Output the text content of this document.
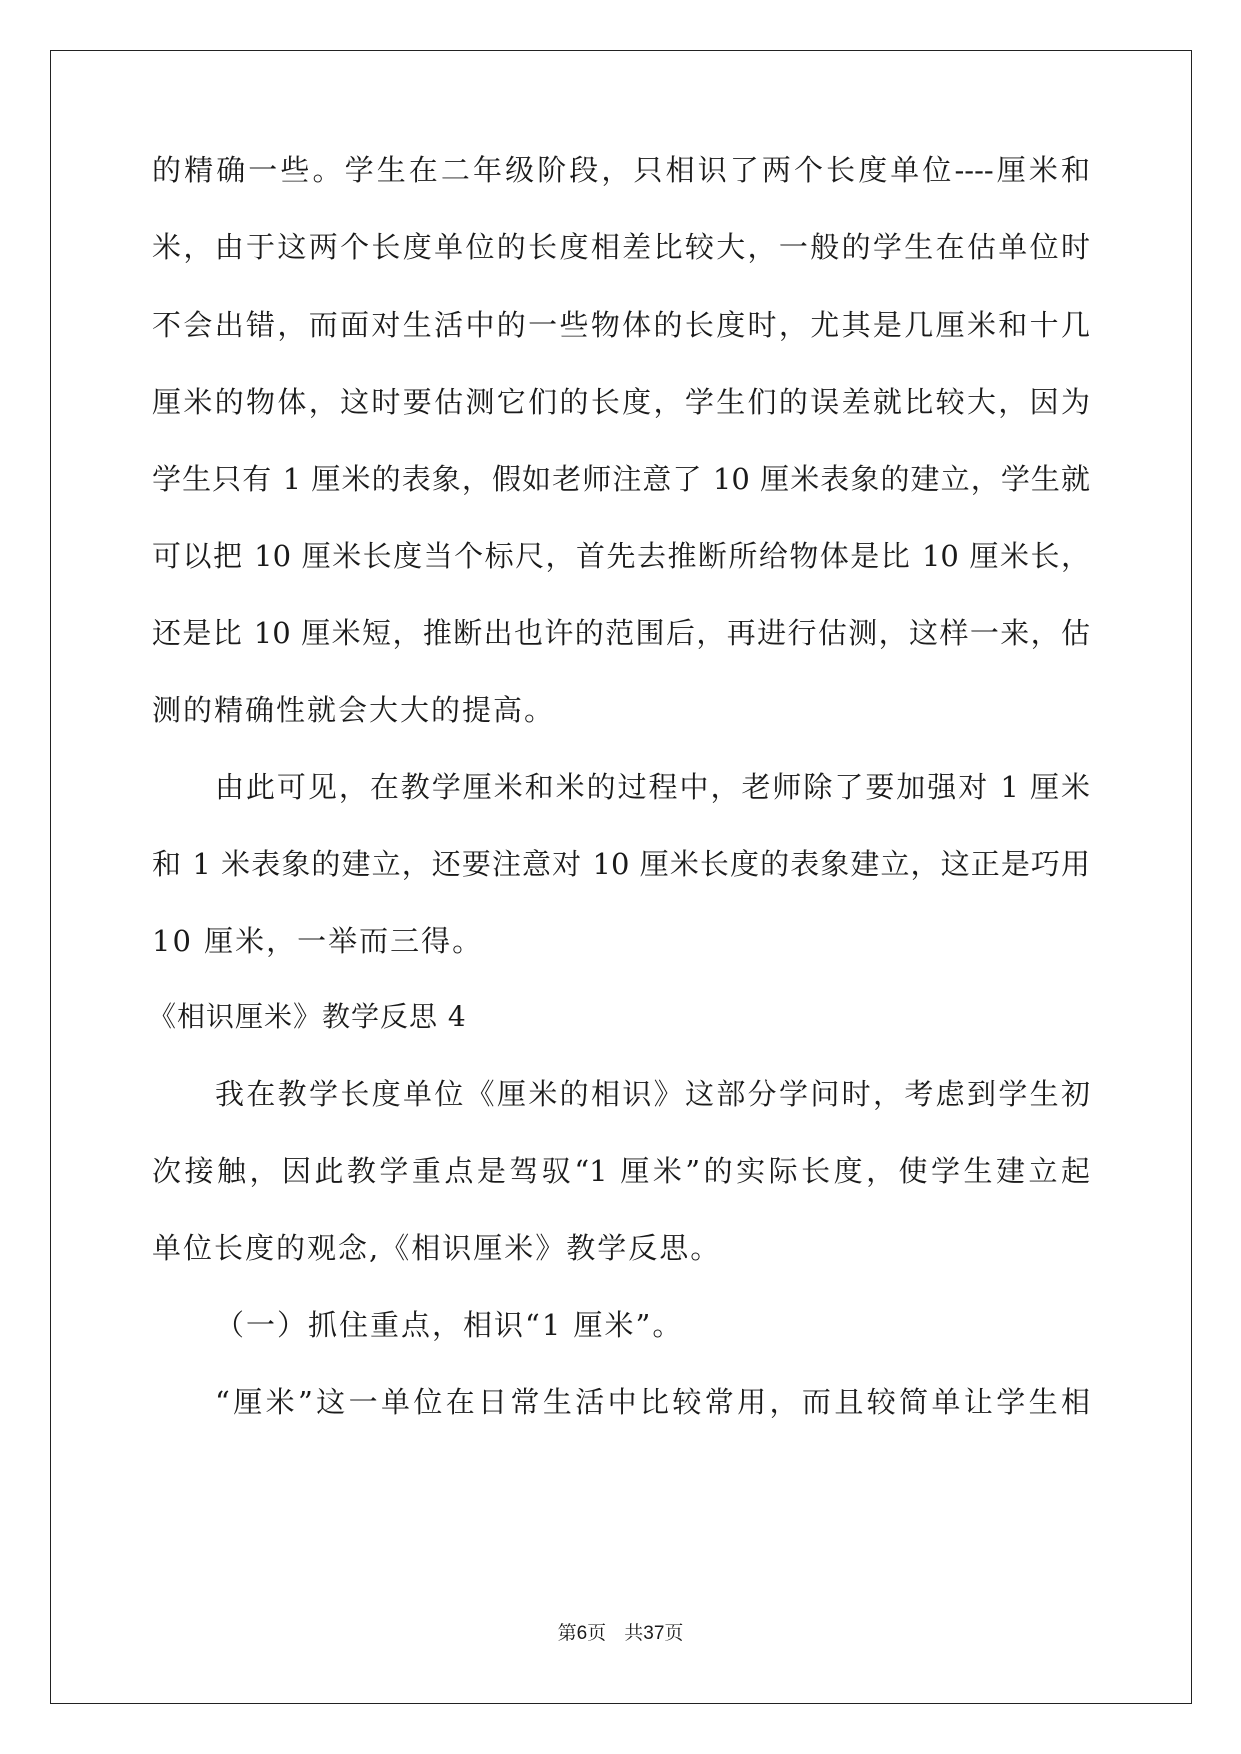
的精确一些。学生在二年级阶段，只相识了两个长度单位----厘米和
米，由于这两个长度单位的长度相差比较大，一般的学生在估单位时
不会出错，而面对生活中的一些物体的长度时，尤其是几厘米和十几
厘米的物体，这时要估测它们的长度，学生们的误差就比较大，因为
学生只有 1 厘米的表象，假如老师注意了 10 厘米表象的建立，学生就
可以把 10 厘米长度当个标尺，首先去推断所给物体是比 10 厘米长，
还是比 10 厘米短，推断出也许的范围后，再进行估测，这样一来，估
测的精确性就会大大的提高。
由此可见，在教学厘米和米的过程中，老师除了要加强对 1 厘米
和 1 米表象的建立，还要注意对 10 厘米长度的表象建立，这正是巧用
10 厘米，一举而三得。
《相识厘米》教学反思 4
我在教学长度单位《厘米的相识》这部分学问时，考虑到学生初
次接触，因此教学重点是驾驭“1 厘米”的实际长度，使学生建立起
单位长度的观念,《相识厘米》教学反思。
（一）抓住重点，相识“1 厘米”。
“厘米”这一单位在日常生活中比较常用，而且较简单让学生相
第6页   共37页
